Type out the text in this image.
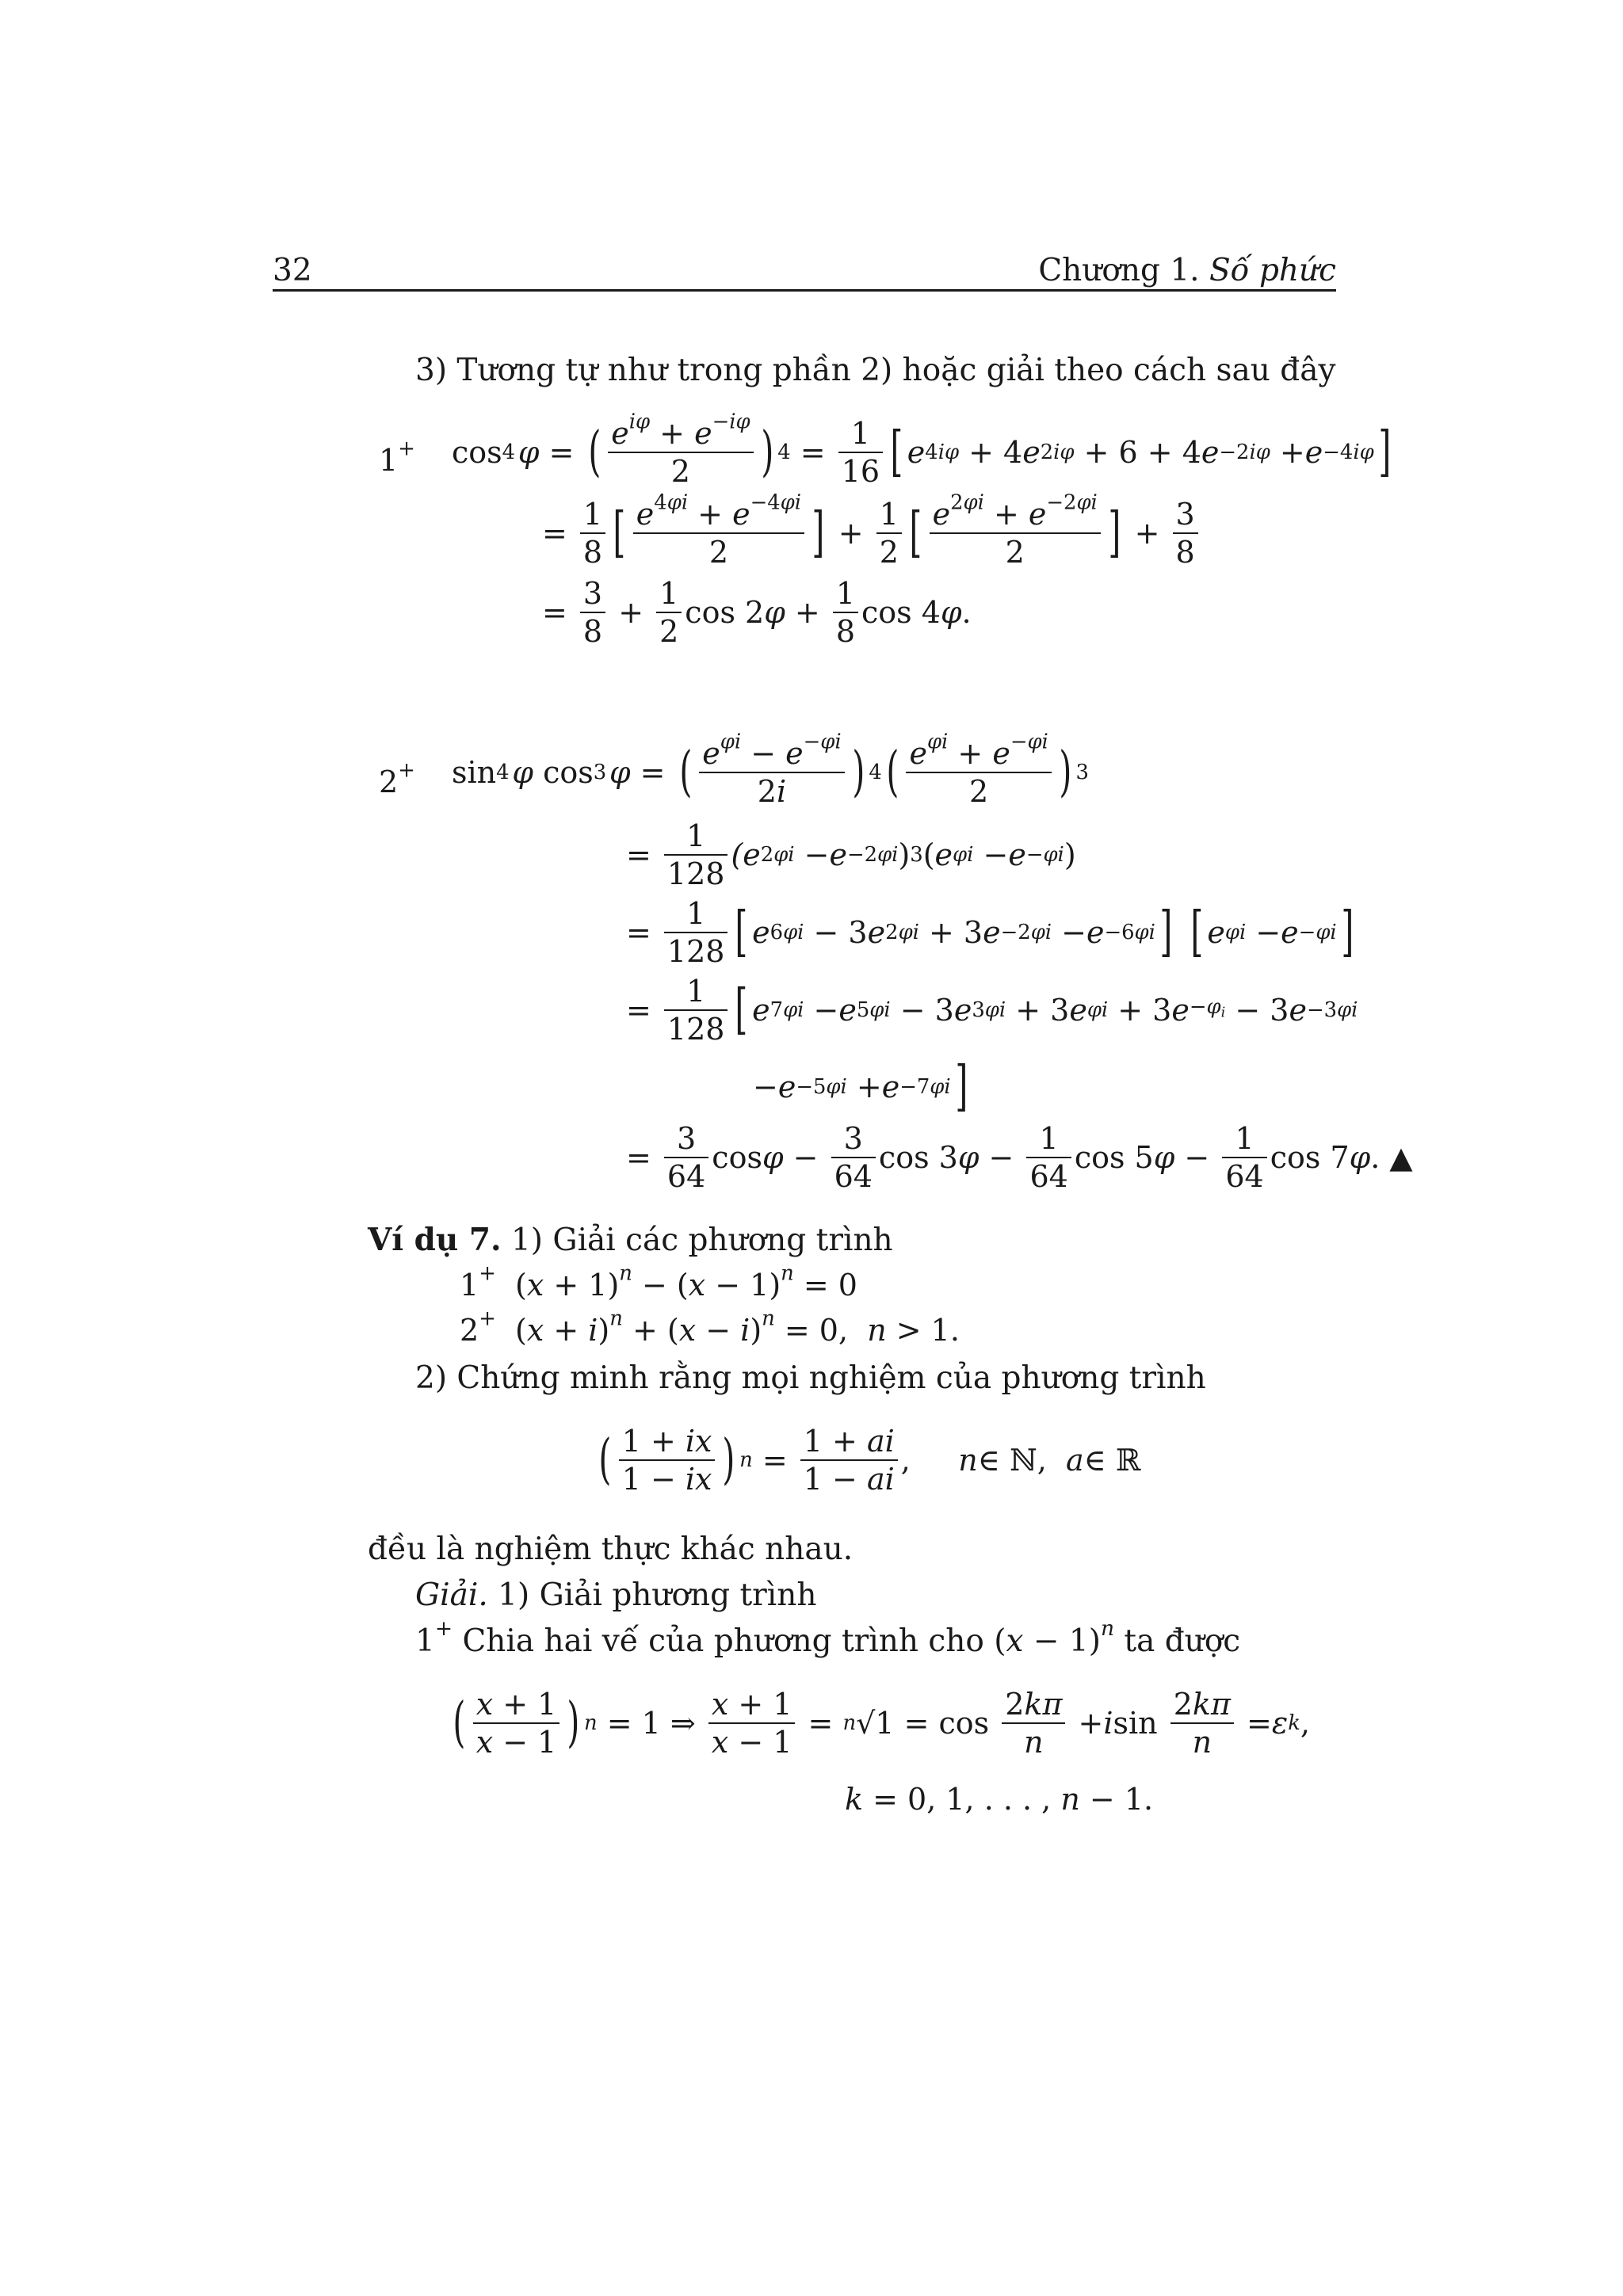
32	Chương 1. Số phức
3) Tương tự như trong phần 2) hoặc giải theo cách sau đây
1+ cos 4
  φ = ( $\frac{e^{i\varphi} + e^{-i\varphi}}{2}$ ) $4 = \frac{1}{16}$ [ e 4iφ + 4 e 2iφ + 6 + 4 e −2iφ + e −4iφ ]
= $\frac{1}{8}$ [ $\frac{e^{4\varphi i} + e^{-4\varphi i}}{2}$ ] + $\frac{1}{2}$ [ $\frac{e^{2\varphi i} + e^{-2\varphi i}}{2}$ ] + $\frac{3}{8}$
= $\frac{3}{8} + \frac{1}{2}$ cos 2 $\varphi + \frac{1}{8}$ cos 4 φ .
2+ sin 4
  φ cos 3
  φ = ( $\frac{e^{\varphi i} - e^{-\varphi i}}{2i}$ ) 4 ( $\frac{e^{\varphi i} + e^{-\varphi i}}{2}$ ) 3
= $\frac{1}{128} (e$ 2φi − e −2φi ) 3 ( e φi − e −φi )
= $\frac{1}{128}$ [ e 6φi − 3 e 2φi + 3 e −2φi − e −6φi ]
[ e φi − e −φi ]
= $\frac{1}{128}$ [ e 7φi − e 5φi − 3 e 3φi + 3 e φi + 3 $e -\varphi_i - 3$ e −3φi
− e −5φi + e −7φi ]
= $\frac{3}{64}$ $\cos \varphi - \frac{3}{64}$ cos 3 $\varphi - \frac{1}{64}$ cos 5 $\varphi - \frac{1}{64}$ cos 7 φ . ▲
Ví dụ 7. 1) Giải các phương trình
1+  $(x + 1)^n - (x - 1)^n = 0$
2+  $(x + i)^n + (x - i)^n = 0$,  n > 1.
2) Chứng minh rằng mọi nghiệm của phương trình
( $\frac{1 + ix}{1 - ix}$ ) $n = \frac{1 + ai}{1 - ai}$ , n ∈ ℕ, a ∈ ℝ
đều là nghiệm thực khác nhau.
Giải. 1) Giải phương trình
1+ Chia hai vế của phương trình cho $(x - 1)^n$ ta được
( $\frac{x + 1}{x - 1}$ ) n = 1 ⇒ $\frac{x + 1}{x - 1} = n$ $√1 = \cos \frac{2k\pi}{n} + i$ $\sin \frac{2k\pi}{n} = \varepsilon$ k ,
k = 0, 1, . . . , n − 1.
